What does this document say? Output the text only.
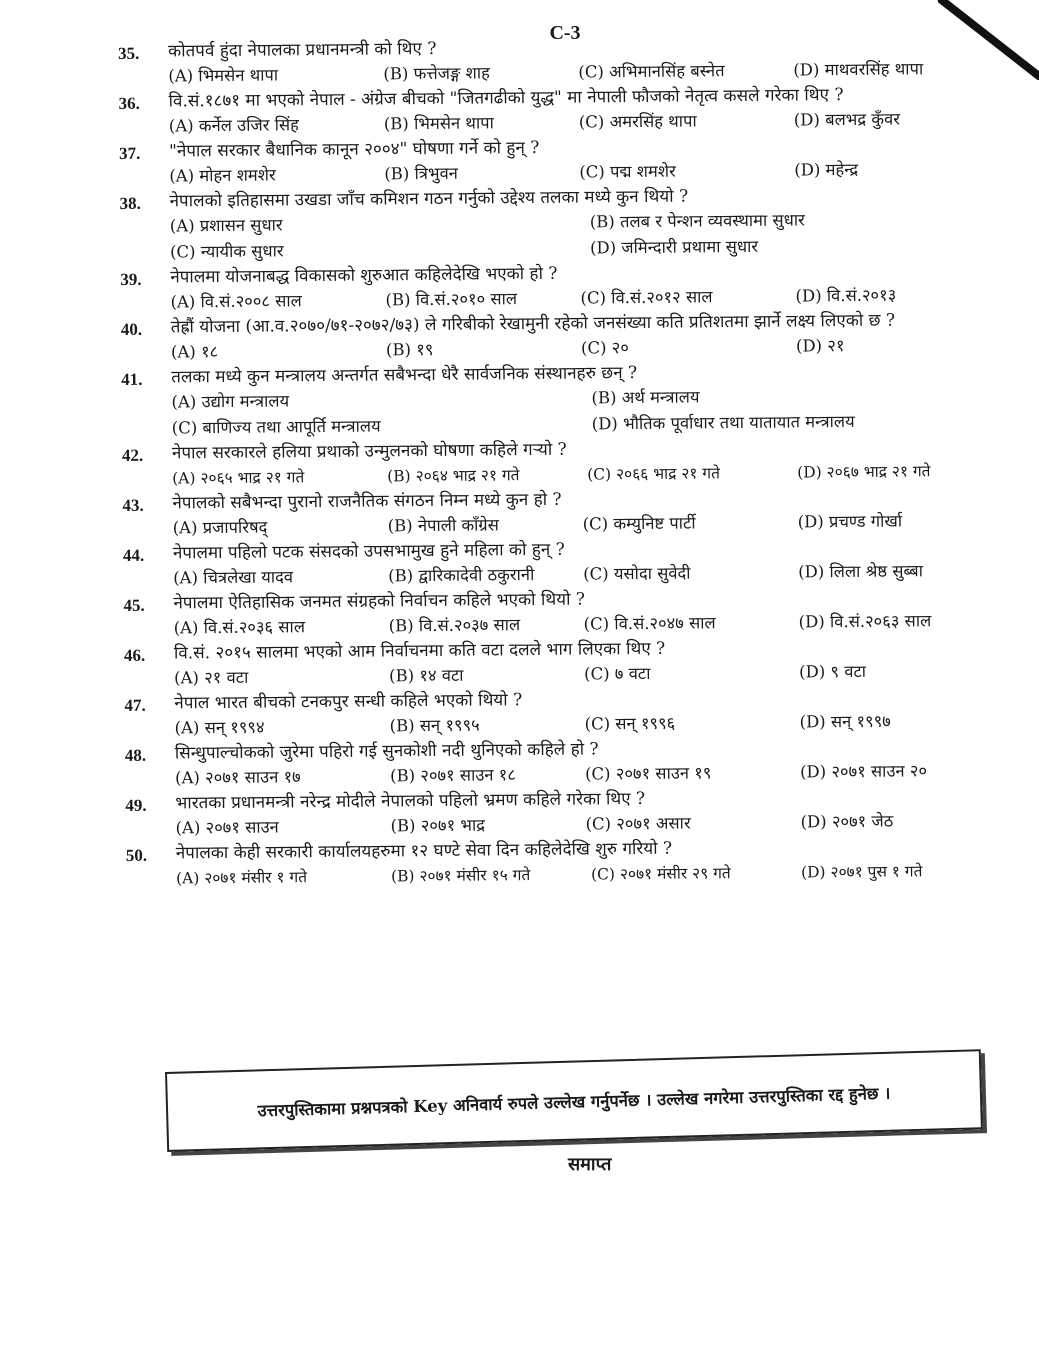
C-3
35.	कोतपर्व हुंदा नेपालका प्रधानमन्त्री को थिए ?
(A) भिमसेन थापा	(B) फत्तेजङ्ग शाह	(C) अभिमानसिंह बस्नेत	(D) माथवरसिंह थापा
36.	वि.सं.१८७१ मा भएको नेपाल - अंग्रेज बीचको "जितगढीको युद्ध" मा नेपाली फौजको नेतृत्व कसले गरेका थिए ?
(A) कर्नेल उजिर सिंह	(B) भिमसेन थापा	(C) अमरसिंह थापा	(D) बलभद्र कुँवर
37.	"नेपाल सरकार बैधानिक कानून २००४" घोषणा गर्ने को हुन् ?
(A) मोहन शमशेर	(B) त्रिभुवन	(C) पद्म शमशेर	(D) महेन्द्र
38.	नेपालको इतिहासमा उखडा जाँच कमिशन गठन गर्नुको उद्देश्य तलका मध्ये कुन थियो ?
(A) प्रशासन सुधार	(B) तलब र पेन्शन व्यवस्थामा सुधार
(C) न्यायीक सुधार	(D) जमिन्दारी प्रथामा सुधार
39.	नेपालमा योजनाबद्ध विकासको शुरुआत कहिलेदेखि भएको हो ?
(A) वि.सं.२००८ साल	(B) वि.सं.२०१० साल	(C) वि.सं.२०१२ साल	(D) वि.सं.२०१३
40.	तेह्रौं योजना (आ.व.२०७०/७१-२०७२/७३) ले गरिबीको रेखामुनी रहेको जनसंख्या कति प्रतिशतमा झार्ने लक्ष्य लिएको छ ?
(A) १८	(B) १९	(C) २०	(D) २१
41.	तलका मध्ये कुन मन्त्रालय अन्तर्गत सबैभन्दा धेरै सार्वजनिक संस्थानहरु छन् ?
(A) उद्योग मन्त्रालय	(B) अर्थ मन्त्रालय
(C) बाणिज्य तथा आपूर्ति मन्त्रालय	(D) भौतिक पूर्वाधार तथा यातायात मन्त्रालय
42.	नेपाल सरकारले हलिया प्रथाको उन्मुलनको घोषणा कहिले गऱ्यो ?
(A) २०६५ भाद्र २१ गते	(B) २०६४ भाद्र २१ गते	(C) २०६६ भाद्र २१ गते	(D) २०६७ भाद्र २१ गते
43.	नेपालको सबैभन्दा पुरानो राजनैतिक संगठन निम्न मध्ये कुन हो ?
(A) प्रजापरिषद्	(B) नेपाली काँग्रेस	(C) कम्युनिष्ट पार्टी	(D) प्रचण्ड गोर्खा
44.	नेपालमा पहिलो पटक संसदको उपसभामुख हुने महिला को हुन् ?
(A) चित्रलेखा यादव	(B) द्वारिकादेवी ठकुरानी	(C) यसोदा सुवेदी	(D) लिला श्रेष्ठ सुब्बा
45.	नेपालमा ऐतिहासिक जनमत संग्रहको निर्वाचन कहिले भएको थियो ?
(A) वि.सं.२०३६ साल	(B) वि.सं.२०३७ साल	(C) वि.सं.२०४७ साल	(D) वि.सं.२०६३ साल
46.	वि.सं. २०१५ सालमा भएको आम निर्वाचनमा कति वटा दलले भाग लिएका थिए ?
(A) २१ वटा	(B) १४ वटा	(C) ७ वटा	(D) ९ वटा
47.	नेपाल भारत बीचको टनकपुर सन्धी कहिले भएको थियो ?
(A) सन् १९९४	(B) सन् १९९५	(C) सन् १९९६	(D) सन् १९९७
48.	सिन्धुपाल्चोकको जुरेमा पहिरो गई सुनकोशी नदी थुनिएको कहिले हो ?
(A) २०७१ साउन १७	(B) २०७१ साउन १८	(C) २०७१ साउन १९	(D) २०७१ साउन २०
49.	भारतका प्रधानमन्त्री नरेन्द्र मोदीले नेपालको पहिलो भ्रमण कहिले गरेका थिए ?
(A) २०७१ साउन	(B) २०७१ भाद्र	(C) २०७१ असार	(D) २०७१ जेठ
50.	नेपालका केही सरकारी कार्यालयहरुमा १२ घण्टे सेवा दिन कहिलेदेखि शुरु गरियो ?
(A) २०७१ मंसीर १ गते	(B) २०७१ मंसीर १५ गते	(C) २०७१ मंसीर २९ गते	(D) २०७१ पुस १ गते
उत्तरपुस्तिकामा प्रश्नपत्रको Key अनिवार्य रुपले उल्लेख गर्नुपर्नेछ । उल्लेख नगरेमा उत्तरपुस्तिका रद्द हुनेछ ।
समाप्त
